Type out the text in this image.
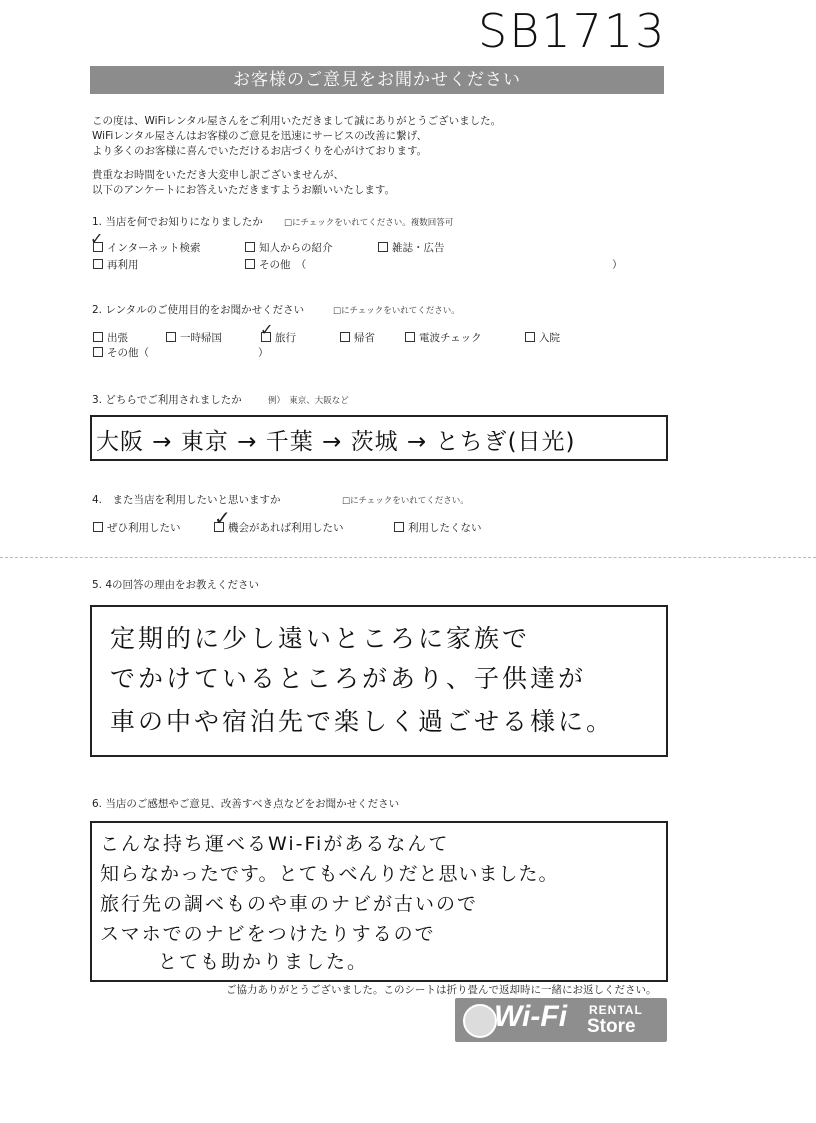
SB1713
お客様のご意見をお聞かせください
この度は、WiFiレンタル屋さんをご利用いただきまして誠にありがとうございました。
WiFiレンタル屋さんはお客様のご意見を迅速にサービスの改善に繋げ、
より多くのお客様に喜んでいただけるお店づくりを心がけております。
貴重なお時間をいただき大変申し訳ございませんが、
以下のアンケートにお答えいただきますようお願いいたします。
1. 当店を何でお知りになりましたか □にチェックをいれてください。複数回答可
インターネット検索
✓	知人からの紹介	雑誌・広告
再利用	その他　（	）
2. レンタルのご使用目的をお聞かせください	□にチェックをいれてください。
出張	一時帰国	旅行
✓	帰省	電波チェック	入院
その他（	）
3. どちらでご利用されましたか	例）　東京、大阪など
大阪 → 東京 → 千葉 → 茨城 → とちぎ(日光)
4.　また当店を利用したいと思いますか	□にチェックをいれてください。
ぜひ利用したい	機会があれば利用したい
✓	利用したくない
5. 4の回答の理由をお教えください
定期的に少し遠いところに家族で
でかけているところがあり、子供達が
車の中や宿泊先で楽しく過ごせる様に。
6. 当店のご感想やご意見、改善すべき点などをお聞かせください
こんな持ち運べるWi-Fiがあるなんて
知らなかったです。とてもべんりだと思いました。
旅行先の調べものや車のナビが古いので
スマホでのナビをつけたりするので
とても助かりました。
ご協力ありがとうございました。このシートは折り畳んで返却時に一緒にお返しください。
Wi-Fi RENTAL
Store
